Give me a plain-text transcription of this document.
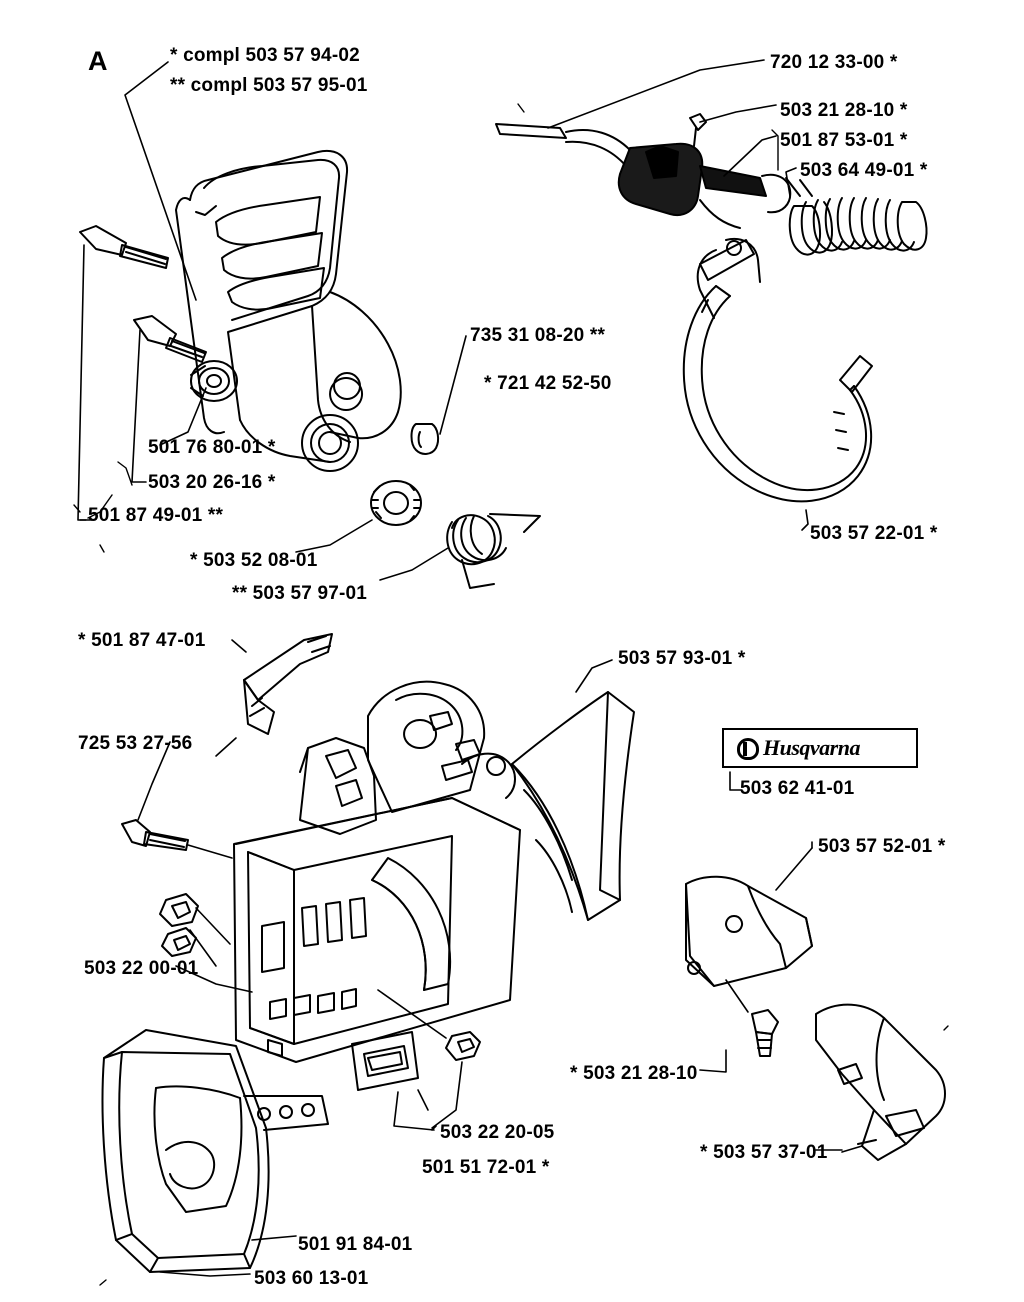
A
Husqvarna
* compl 503 57 94-02
** compl 503 57 95-01
720 12 33-00 *
503 21 28-10 *
501 87 53-01 *
503 64 49-01 *
735 31 08-20 **
* 721 42 52-50
501 76 80-01 *
503 20 26-16 *
501 87 49-01 **
* 503 52 08-01
** 503 57 97-01
503 57 22-01 *
* 501 87 47-01
503 57 93-01 *
725 53 27-56
503 62 41-01
503 57 52-01 *
503 22 00-01
* 503 21 28-10
503 22 20-05
501 51 72-01 *
* 503 57 37-01
501 91 84-01
503 60 13-01
